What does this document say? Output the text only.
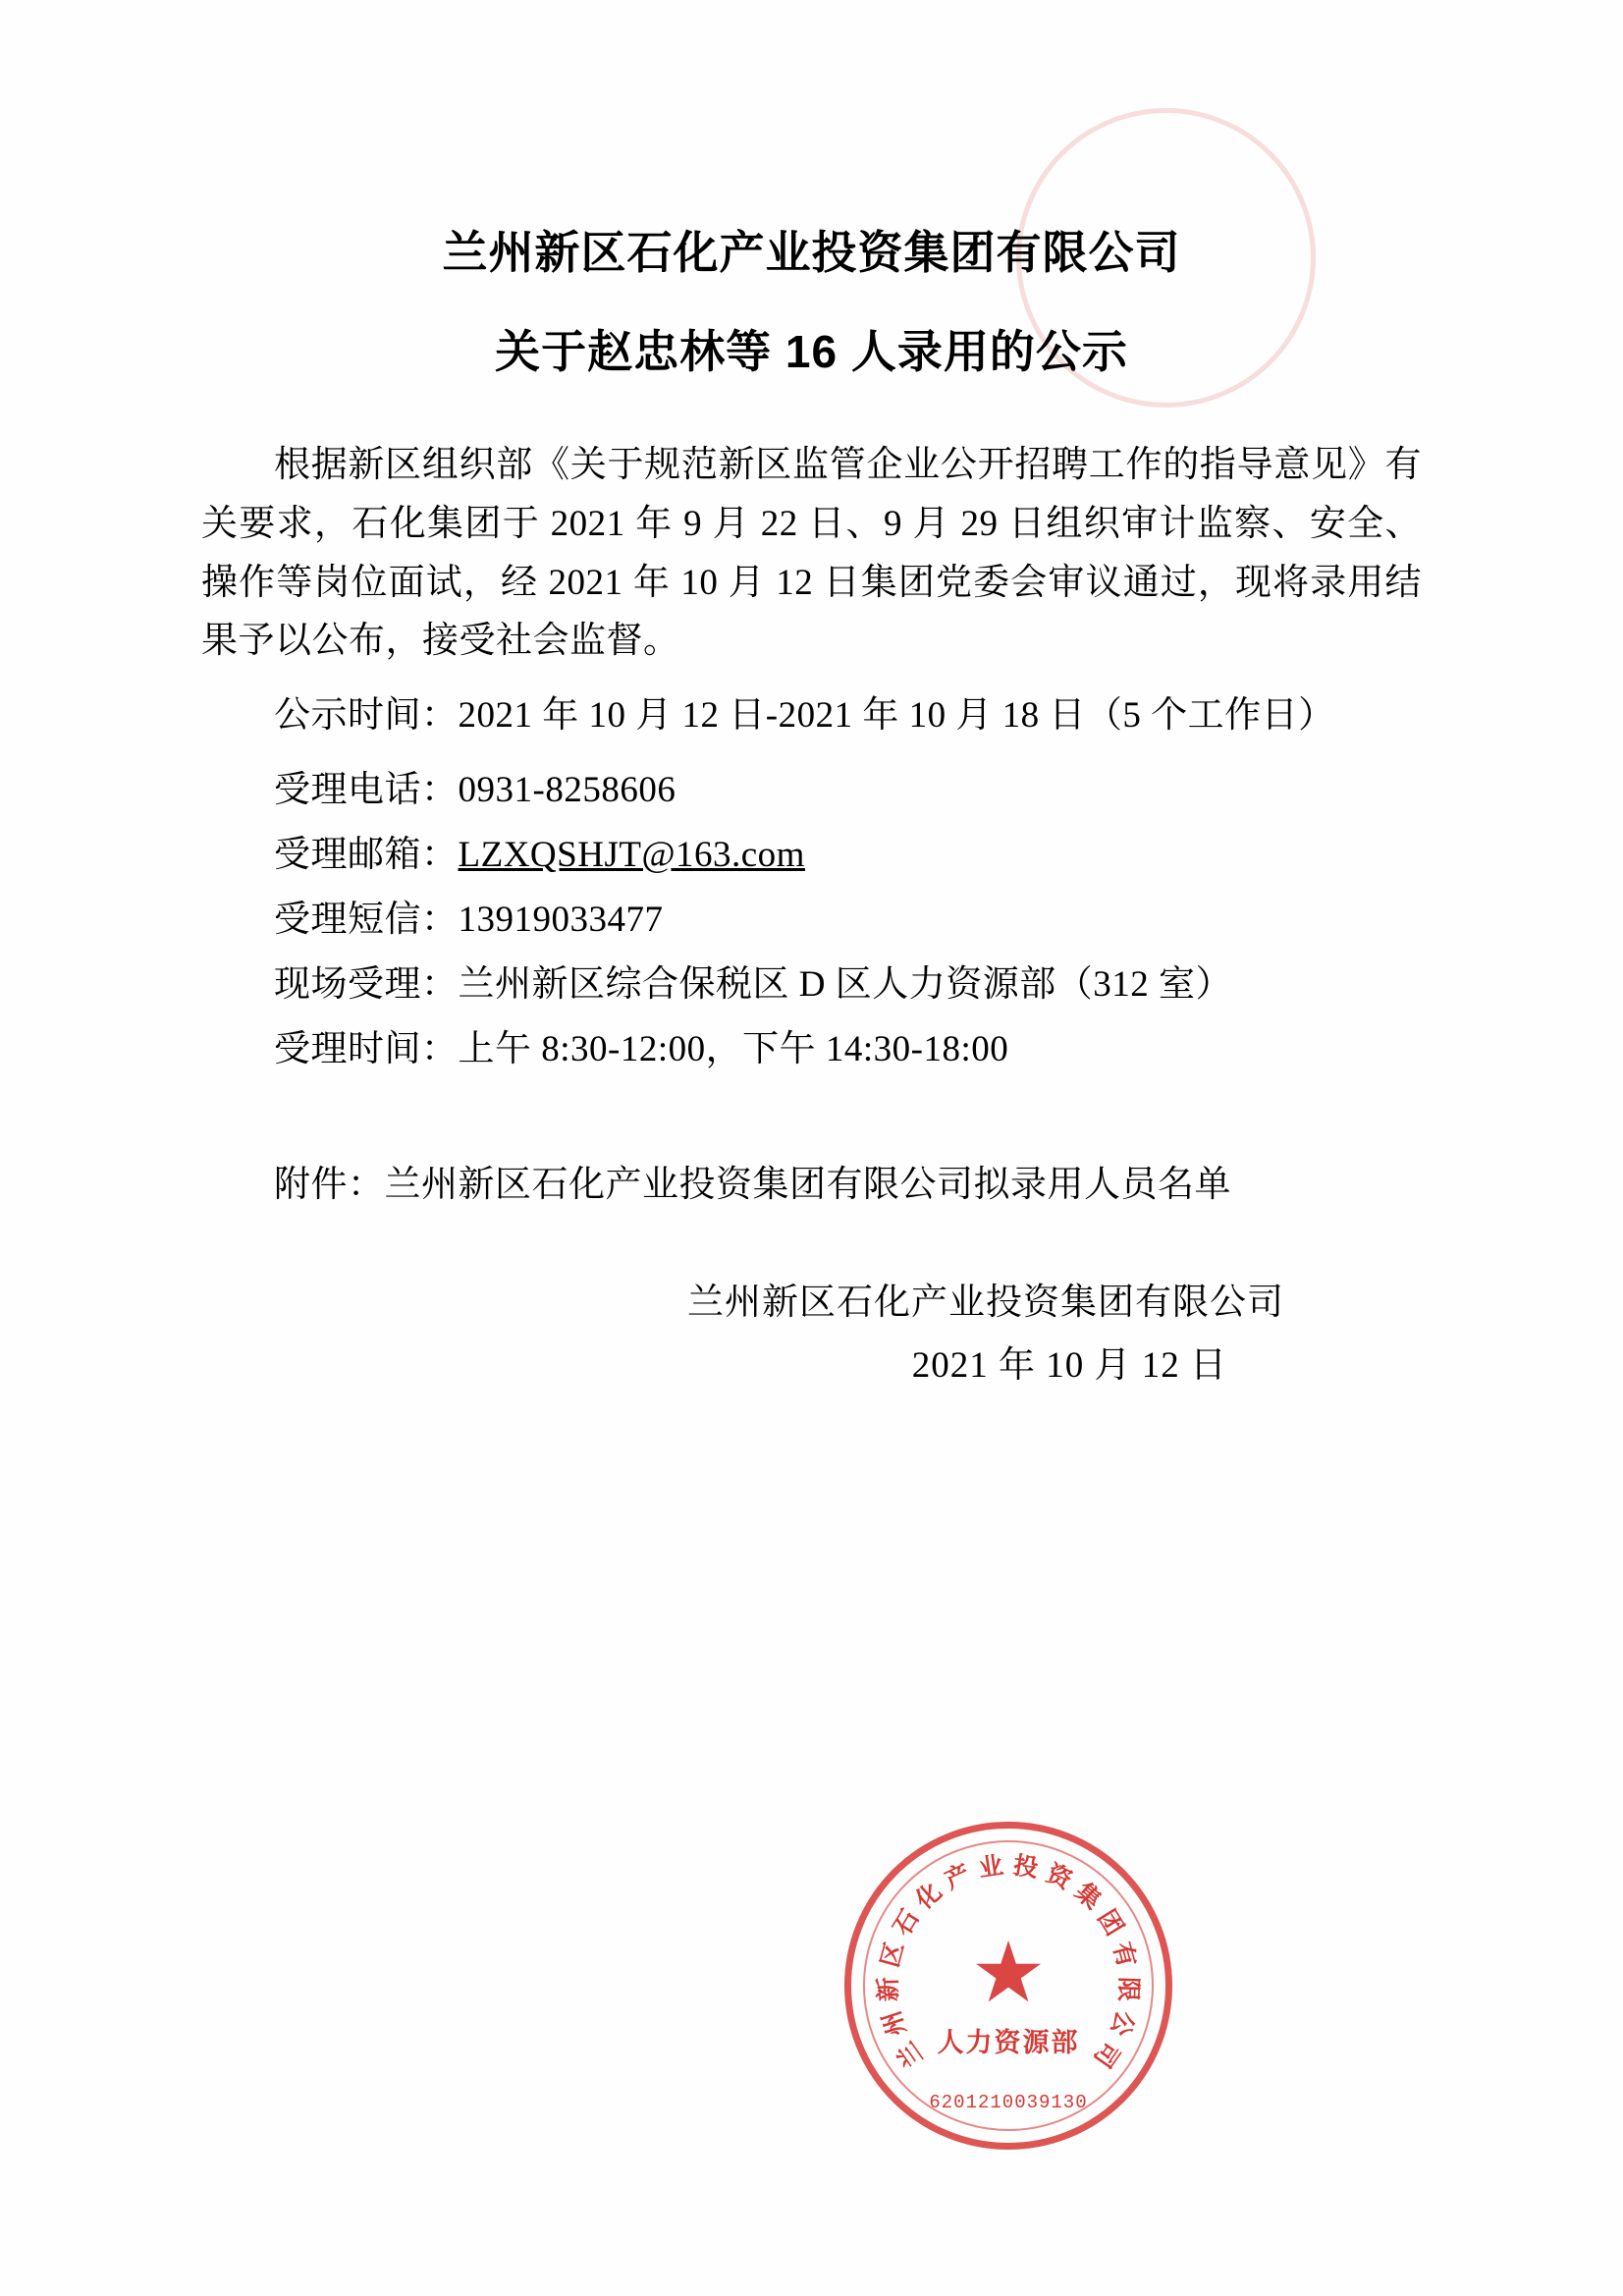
兰州新区石化产业投资集团有限公司
关于赵忠林等 16 人录用的公示

根据新区组织部《关于规范新区监管企业公开招聘工作的指导意见》有关要求，石化集团于 2021 年 9 月 22 日、9 月 29 日组织审计监察、安全、操作等岗位面试，经 2021 年 10 月 12 日集团党委会审议通过，现将录用结果予以公布，接受社会监督。

公示时间：2021 年 10 月 12 日-2021 年 10 月 18 日（5 个工作日）

受理电话：0931-8258606

受理邮箱：LZXQSHJT@163.com

受理短信：13919033477

现场受理：兰州新区综合保税区 D 区人力资源部（312 室）

受理时间：上午 8:30-12:00，下午 14:30-18:00

附件：兰州新区石化产业投资集团有限公司拟录用人员名单

兰州新区石化产业投资集团有限公司
2021 年 10 月 12 日
兰
州
新
区
石
化
产 业 投 资
集
团
有
限
公
司
★
人力资源部
6201210039130
